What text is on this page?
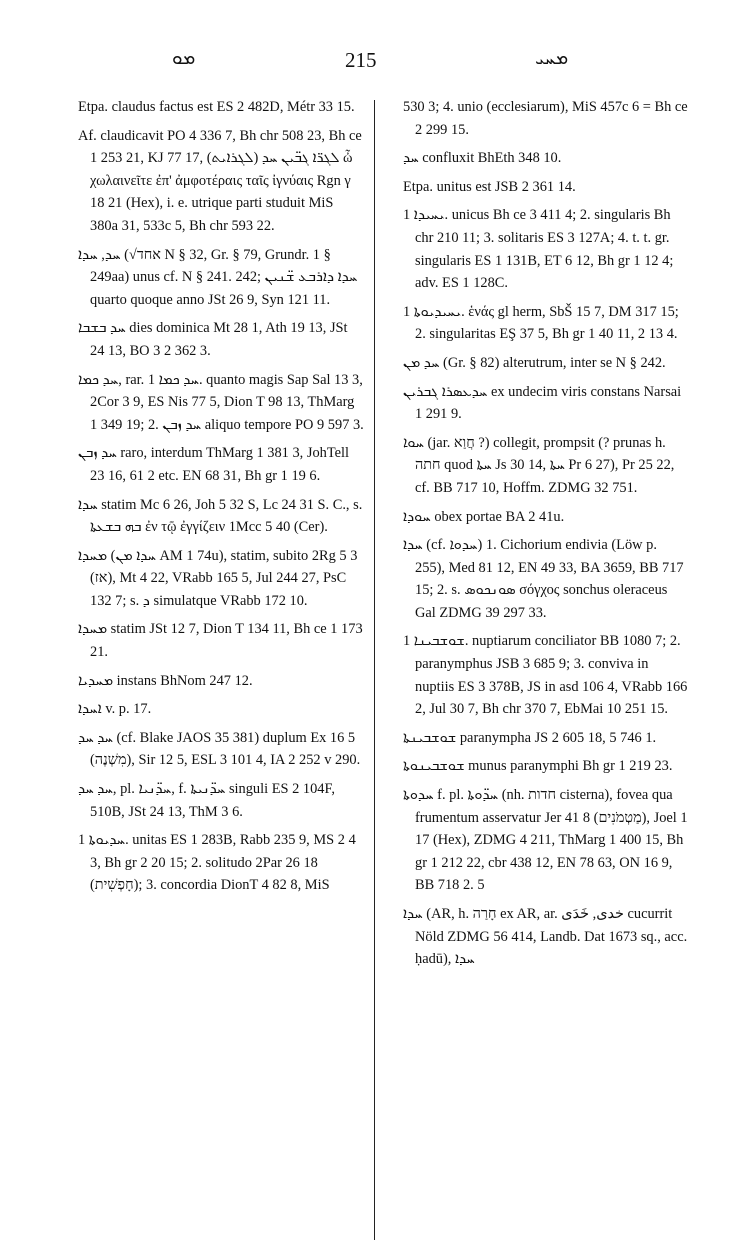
ܡܘ	215	ܡܚܝ

Etpa. claudus factus est ES 2 482D, Métr 33 15.

Af. claudicavit PO 4 336 7, Bh chr 508 23, Bh ce 1 253 21, KJ 77 17, (ܠܓܪܐܝܬ) ܠܓܪ̈ܐ ܓܒ̈ܝܢ ܚܕ ὦ χωλαινεῖτε ἐπ' ἀμφοτέραις ταῖς ἰγνύαις Rgn γ 18 21 (Hex), i. e. utrique parti studuit MiS 380a 31, 533c 5, Bh chr 593 22.

ܚܕ, ܚܕܐ (√אחד N § 32, Gr. § 79, Grundr. 1 § 249aa) unus cf. N § 241. 242; ܚܕܐ ܕܐܪܒܥ ܫ̈ܢܝܢ quarto quoque anno JSt 26 9, Syn 121 11.

ܚܕ ܒܫܒܐ dies dominica Mt 28 1, Ath 19 13, JSt 24 13, BO 3 2 362 3.

ܚܕ ܟܡܐ, rar. ܚܕ ܟܡܐ 1. quanto magis Sap Sal 13 3, 2Cor 3 9, ES Nis 77 5, Dion T 98 13, ThMarg 1 349 19; 2. ܚܕ ܙܒܢ aliquo tempore PO 9 597 3.

ܚܕ ܙܒܢ raro, interdum ThMarg 1 381 3, JohTell 23 16, 61 2 etc. EN 68 31, Bh gr 1 19 6.

ܚܕܐ statim Mc 6 26, Joh 5 32 S, Lc 24 31 S. C., s. ܒܗ ܒܫܥܬܐ ἐν τῷ ἐγγίζειν 1Mcc 5 40 (Cer).

ܡܚܕܐ (ܚܕܐ ܡܢ AM 1 74u), statim, subito 2Rg 5 3 (אז), Mt 4 22, VRabb 165 5, Jul 244 27, PsC 132 7; s. ܕ simulatque VRabb 172 10.

ܡܚܕܐ statim JSt 12 7, Dion T 134 11, Bh ce 1 173 21.

ܡܚܕܝܐ instans BhNom 247 12.

ܐܚܕܐ v. p. 17.

ܚܕ ܚܕ (cf. Blake JAOS 35 381) duplum Ex 16 5 (מִשְׁנֶה), Sir 12 5, ESL 3 101 4, IA 2 252 v 290.

ܚܕ ܚܕ, pl. ܚܕ̈ܢܝܐ, f. ܚܕ̈ܢܝܬܐ singuli ES 2 104F, 510B, JSt 24 13, ThM 3 6.

ܚܕܝܘܬܐ 1. unitas ES 1 283B, Rabb 235 9, MS 2 4 3, Bh gr 2 20 15; 2. solitudo 2Par 26 18 (חָפְשִׁית); 3. concordia DionT 4 82 8, MiS

530 3; 4. unio (ecclesiarum), MiS 457c 6 = Bh ce 2 299 15.

ܚܕ confluxit BhEth 348 10.

Etpa. unitus est JSB 2 361 14.

ܝܚܝܕܐ 1. unicus Bh ce 3 411 4; 2. singularis Bh chr 210 11; 3. solitaris ES 3 127A; 4. t. t. gr. singularis ES 1 131B, ET 6 12, Bh gr 1 12 4; adv. ES 1 128C.

ܝܚܝܕܝܘܬܐ 1. ἑνάς gl herm, SbŠ 15 7, DM 317 15; 2. singularitas EŞ 37 5, Bh gr 1 40 11, 2 13 4.

ܚܕ ܡܢ (Gr. § 82) alterutrum, inter se N § 242.

ܚܕܥܣܪܐ ܓܒܪܝܢ ex undecim viris constans Narsai 1 291 9.

ܚܘܐ (jar. חֲוַא ?) collegit, prompsit (? prunas h. חתה quod ܚܬܐ Js 30 14, ܚܬܐ Pr 6 27), Pr 25 22, cf. BB 717 10, Hoffm. ZDMG 32 751.

ܚܘܕܐ obex portae BA 2 41u.

ܚܕܐ (cf. ܚܕܘܐ) 1. Cichorium endivia (Löw p. 255), Med 81 12, EN 49 33, BA 3659, BB 717 15; 2. s. ܣܘܢܟܘܣ σόγχος sonchus oleraceus Gal ZDMG 39 297 33.

ܫܘܫܒܝܢܐ 1. nuptiarum conciliator BB 1080 7; 2. paranymphus JSB 3 685 9; 3. conviva in nuptiis ES 3 378B, JS in asd 106 4, VRabb 166 2, Jul 30 7, Bh chr 370 7, EbMai 10 251 15.

ܫܘܫܒܝܢܬܐ paranympha JS 2 605 18, 5 746 1.

ܫܘܫܒܝܢܘܬܐ munus paranymphi Bh gr 1 219 23.

ܚܕܘܬܐ f. pl. ܚܕ̈ܘܬܐ (nh. חדות cisterna), fovea qua frumentum asservatur Jer 41 8 (מַטְמֹנִים), Joel 1 17 (Hex), ZDMG 4 211, ThMarg 1 400 15, Bh gr 1 212 22, cbr 438 12, EN 78 63, ON 16 9, BB 718 2. 5

ܚܕܐ (AR, h. חָרַה ex AR, ar. خدى, خَدَى cucurrit Nöld ZDMG 56 414, Landb. Dat 1673 sq., acc. ḥadū), ܚܕܐ
